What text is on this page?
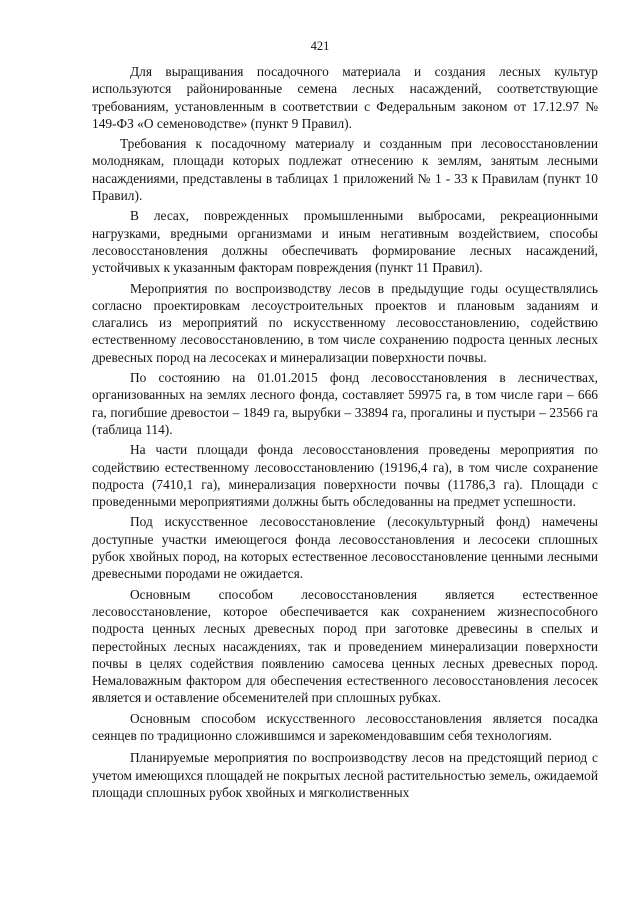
421

Для выращивания посадочного материала и создания лесных культур используются районированные семена лесных насаждений, соответствующие требованиям, установленным в соответствии с Федеральным законом от 17.12.97 № 149-ФЗ «О семеноводстве» (пункт 9 Правил).

Требования к посадочному материалу и созданным при лесовосстановлении молоднякам, площади которых подлежат отнесению к землям, занятым лесными насаждениями, представлены в таблицах 1 приложений № 1 - 33 к Правилам (пункт 10 Правил).

В лесах, поврежденных промышленными выбросами, рекреационными нагрузками, вредными организмами и иным негативным воздействием, способы лесовосстановления должны обеспечивать формирование лесных насаждений, устойчивых к указанным факторам повреждения (пункт 11 Правил).

Мероприятия по воспроизводству лесов в предыдущие годы осуществлялись согласно проектировкам лесоустроительных проектов и плановым заданиям и слагались из мероприятий по искусственному лесовосстановлению, содействию естественному лесовосстановлению, в том числе сохранению подроста ценных лесных древесных пород на лесосеках и минерализации поверхности почвы.

По состоянию на 01.01.2015 фонд лесовосстановления в лесничествах, организованных на землях лесного фонда, составляет 59975 га, в том числе гари – 666 га, погибшие древостои – 1849 га, вырубки – 33894 га, прогалины и пустыри – 23566 га (таблица 114).

На части площади фонда лесовосстановления проведены мероприятия по содействию естественному лесовосстановлению (19196,4 га), в том числе сохранение подроста (7410,1 га), минерализация поверхности почвы (11786,3 га). Площади с проведенными мероприятиями должны быть обследованны на предмет успешности.

Под искусственное лесовосстановление (лесокультурный фонд) намечены доступные участки имеющегося фонда лесовосстановления и лесосеки сплошных рубок хвойных пород, на которых естественное лесовосстановление ценными лесными древесными породами не ожидается.

Основным способом лесовосстановления является естественное лесовосстановление, которое обеспечивается как сохранением жизнеспособного подроста ценных лесных древесных пород при заготовке древесины в спелых и перестойных лесных насаждениях, так и проведением минерализации поверхности почвы в целях содействия появлению самосева ценных лесных древесных пород. Немаловажным фактором для обеспечения естественного лесовосстановления лесосек является и оставление обсеменителей при сплошных рубках.

Основным способом искусственного лесовосстановления является посадка сеянцев по традиционно сложившимся и зарекомендовавшим себя технологиям.

Планируемые мероприятия по воспроизводству лесов на предстоящий период с учетом имеющихся площадей не покрытых лесной растительностью земель, ожидаемой площади сплошных рубок хвойных и мягколиственных
